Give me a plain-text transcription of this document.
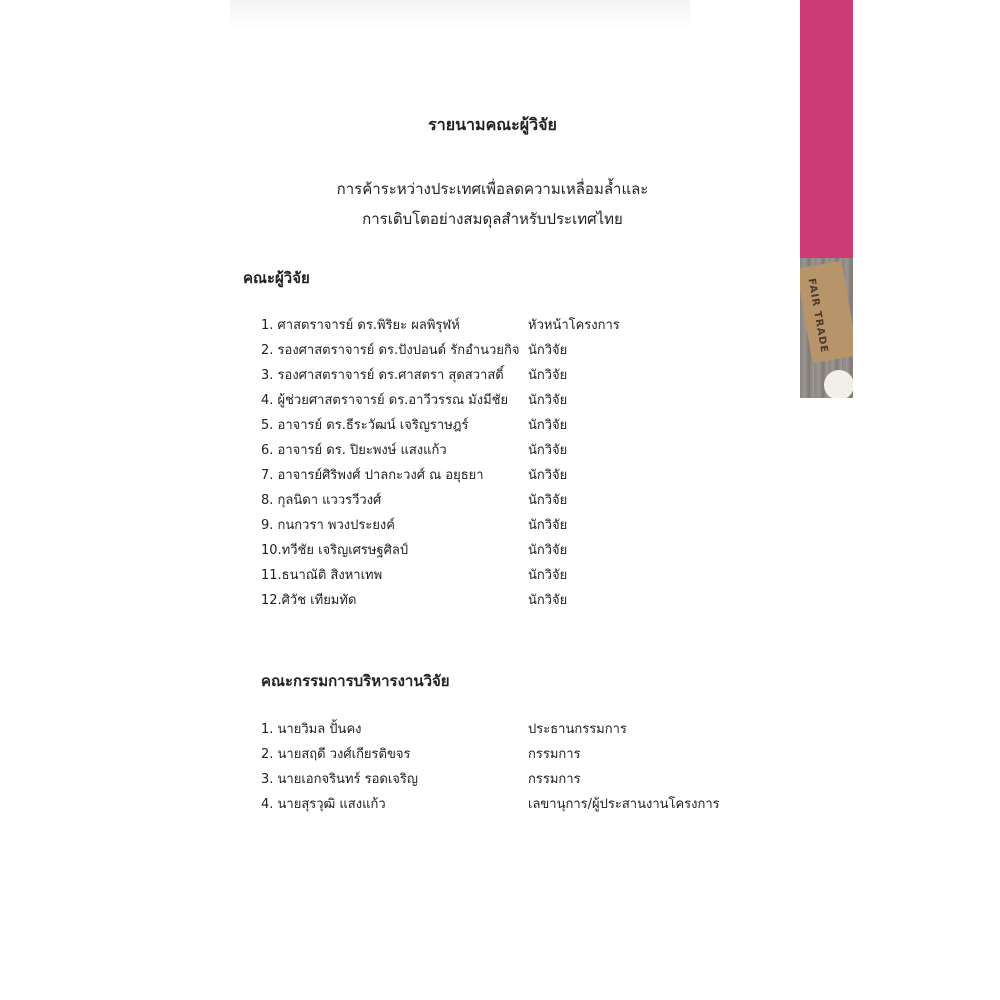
FAIR TRADE
รายนามคณะผู้วิจัย

การค้าระหว่างประเทศเพื่อลดความเหลื่อมล้ำและ

การเติบโตอย่างสมดุลสำหรับประเทศไทย

คณะผู้วิจัย
1. ศาสตราจารย์ ดร.พิริยะ ผลพิรุฬห์	หัวหน้าโครงการ
2. รองศาสตราจารย์ ดร.ปังปอนด์ รักอำนวยกิจ นักวิจัย
3. รองศาสตราจารย์ ดร.ศาสตรา สุดสวาสดิ์ นักวิจัย
4. ผู้ช่วยศาสตราจารย์ ดร.อาวีวรรณ มังมีชัย นักวิจัย
5. อาจารย์ ดร.ธีระวัฒน์ เจริญราษฎร์	นักวิจัย
6. อาจารย์ ดร. ปิยะพงษ์ แสงแก้ว	นักวิจัย
7. อาจารย์ศิริพงศ์ ปาลกะวงศ์ ณ อยุธยา	นักวิจัย
8. กุลนิดา แววรวีวงศ์	นักวิจัย
9. กนกวรา พวงประยงค์	นักวิจัย
10.ทวีชัย เจริญเศรษฐศิลป์	นักวิจัย
11.ธนาณัติ สิงหาเทพ	นักวิจัย
12.ศิวัช เทียมทัด	นักวิจัย
คณะกรรมการบริหารงานวิจัย
1. นายวิมล ปั้นคง	ประธานกรรมการ
2. นายสฤดี วงศ์เกียรติขจร	กรรมการ
3. นายเอกจรินทร์ รอดเจริญ	กรรมการ
4. นายสุรวุฒิ แสงแก้ว	เลขานุการ/ผู้ประสานงานโครงการ
